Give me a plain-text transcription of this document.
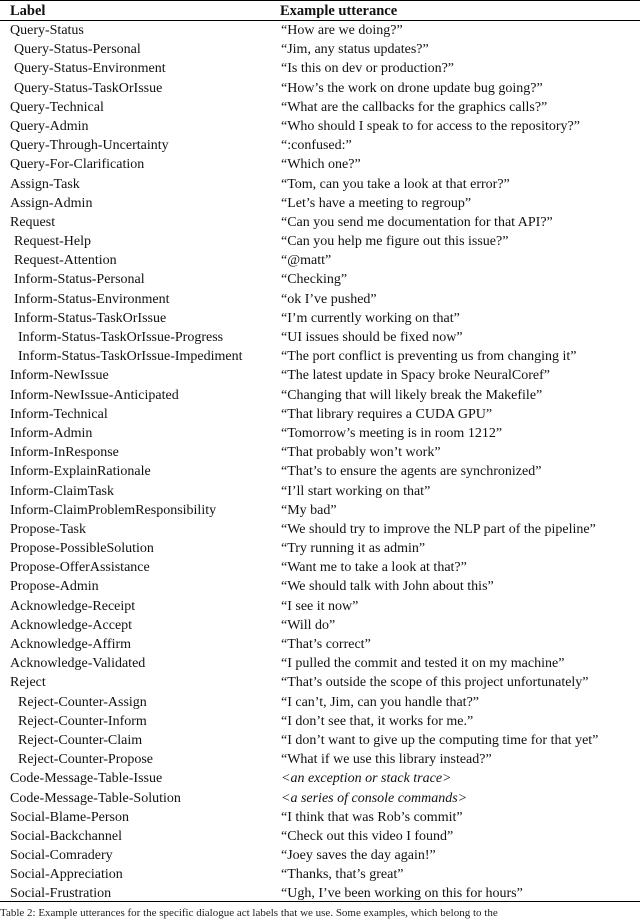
Label	Example utterance
Query-Status	“How are we doing?”
Query-Status-Personal	“Jim, any status updates?”
Query-Status-Environment	“Is this on dev or production?”
Query-Status-TaskOrIssue	“How’s the work on drone update bug going?”
Query-Technical	“What are the callbacks for the graphics calls?”
Query-Admin	“Who should I speak to for access to the repository?”
Query-Through-Uncertainty	“:confused:”
Query-For-Clarification	“Which one?”
Assign-Task	“Tom, can you take a look at that error?”
Assign-Admin	“Let’s have a meeting to regroup”
Request	“Can you send me documentation for that API?”
Request-Help	“Can you help me figure out this issue?”
Request-Attention	“@matt”
Inform-Status-Personal	“Checking”
Inform-Status-Environment	“ok I’ve pushed”
Inform-Status-TaskOrIssue	“I’m currently working on that”
Inform-Status-TaskOrIssue-Progress	“UI issues should be fixed now”
Inform-Status-TaskOrIssue-Impediment	“The port conflict is preventing us from changing it”
Inform-NewIssue	“The latest update in Spacy broke NeuralCoref”
Inform-NewIssue-Anticipated	“Changing that will likely break the Makefile”
Inform-Technical	“That library requires a CUDA GPU”
Inform-Admin	“Tomorrow’s meeting is in room 1212”
Inform-InResponse	“That probably won’t work”
Inform-ExplainRationale	“That’s to ensure the agents are synchronized”
Inform-ClaimTask	“I’ll start working on that”
Inform-ClaimProblemResponsibility	“My bad”
Propose-Task	“We should try to improve the NLP part of the pipeline”
Propose-PossibleSolution	“Try running it as admin”
Propose-OfferAssistance	“Want me to take a look at that?”
Propose-Admin	“We should talk with John about this”
Acknowledge-Receipt	“I see it now”
Acknowledge-Accept	“Will do”
Acknowledge-Affirm	“That’s correct”
Acknowledge-Validated	“I pulled the commit and tested it on my machine”
Reject	“That’s outside the scope of this project unfortunately”
Reject-Counter-Assign	“I can’t, Jim, can you handle that?”
Reject-Counter-Inform	“I don’t see that, it works for me.”
Reject-Counter-Claim	“I don’t want to give up the computing time for that yet”
Reject-Counter-Propose	“What if we use this library instead?”
Code-Message-Table-Issue	<an exception or stack trace>
Code-Message-Table-Solution	<a series of console commands>
Social-Blame-Person	“I think that was Rob’s commit”
Social-Backchannel	“Check out this video I found”
Social-Comradery	“Joey saves the day again!”
Social-Appreciation	“Thanks, that’s great”
Social-Frustration	“Ugh, I’ve been working on this for hours”
Table 2: Example utterances for the specific dialogue act labels that we use. Some examples, which belong to the
